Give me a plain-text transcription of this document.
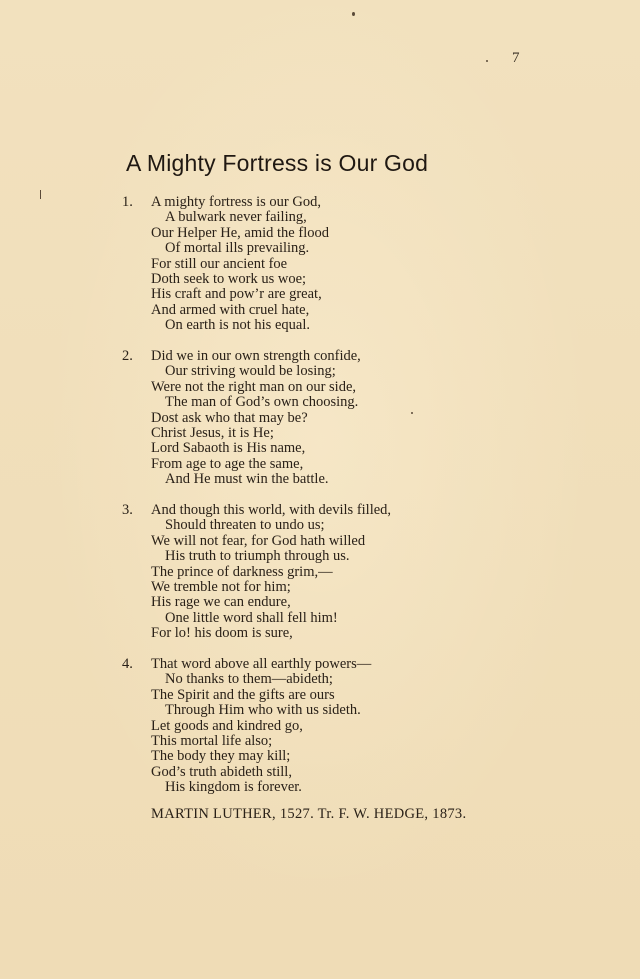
7
A Mighty Fortress is Our God
1. A mighty fortress is our God,
A bulwark never failing,
Our Helper He, amid the flood
Of mortal ills prevailing.
For still our ancient foe
Doth seek to work us woe;
His craft and pow’r are great,
And armed with cruel hate,
On earth is not his equal.
2. Did we in our own strength confide,
Our striving would be losing;
Were not the right man on our side,
The man of God’s own choosing.
Dost ask who that may be?
Christ Jesus, it is He;
Lord Sabaoth is His name,
From age to age the same,
And He must win the battle.
3. And though this world, with devils filled,
Should threaten to undo us;
We will not fear, for God hath willed
His truth to triumph through us.
The prince of darkness grim,—
We tremble not for him;
His rage we can endure,
One little word shall fell him!
For lo! his doom is sure,
4. That word above all earthly powers—
No thanks to them—abideth;
The Spirit and the gifts are ours
Through Him who with us sideth.
Let goods and kindred go,
This mortal life also;
The body they may kill;
God’s truth abideth still,
His kingdom is forever.
MARTIN LUTHER, 1527. Tr. F. W. HEDGE, 1873.
